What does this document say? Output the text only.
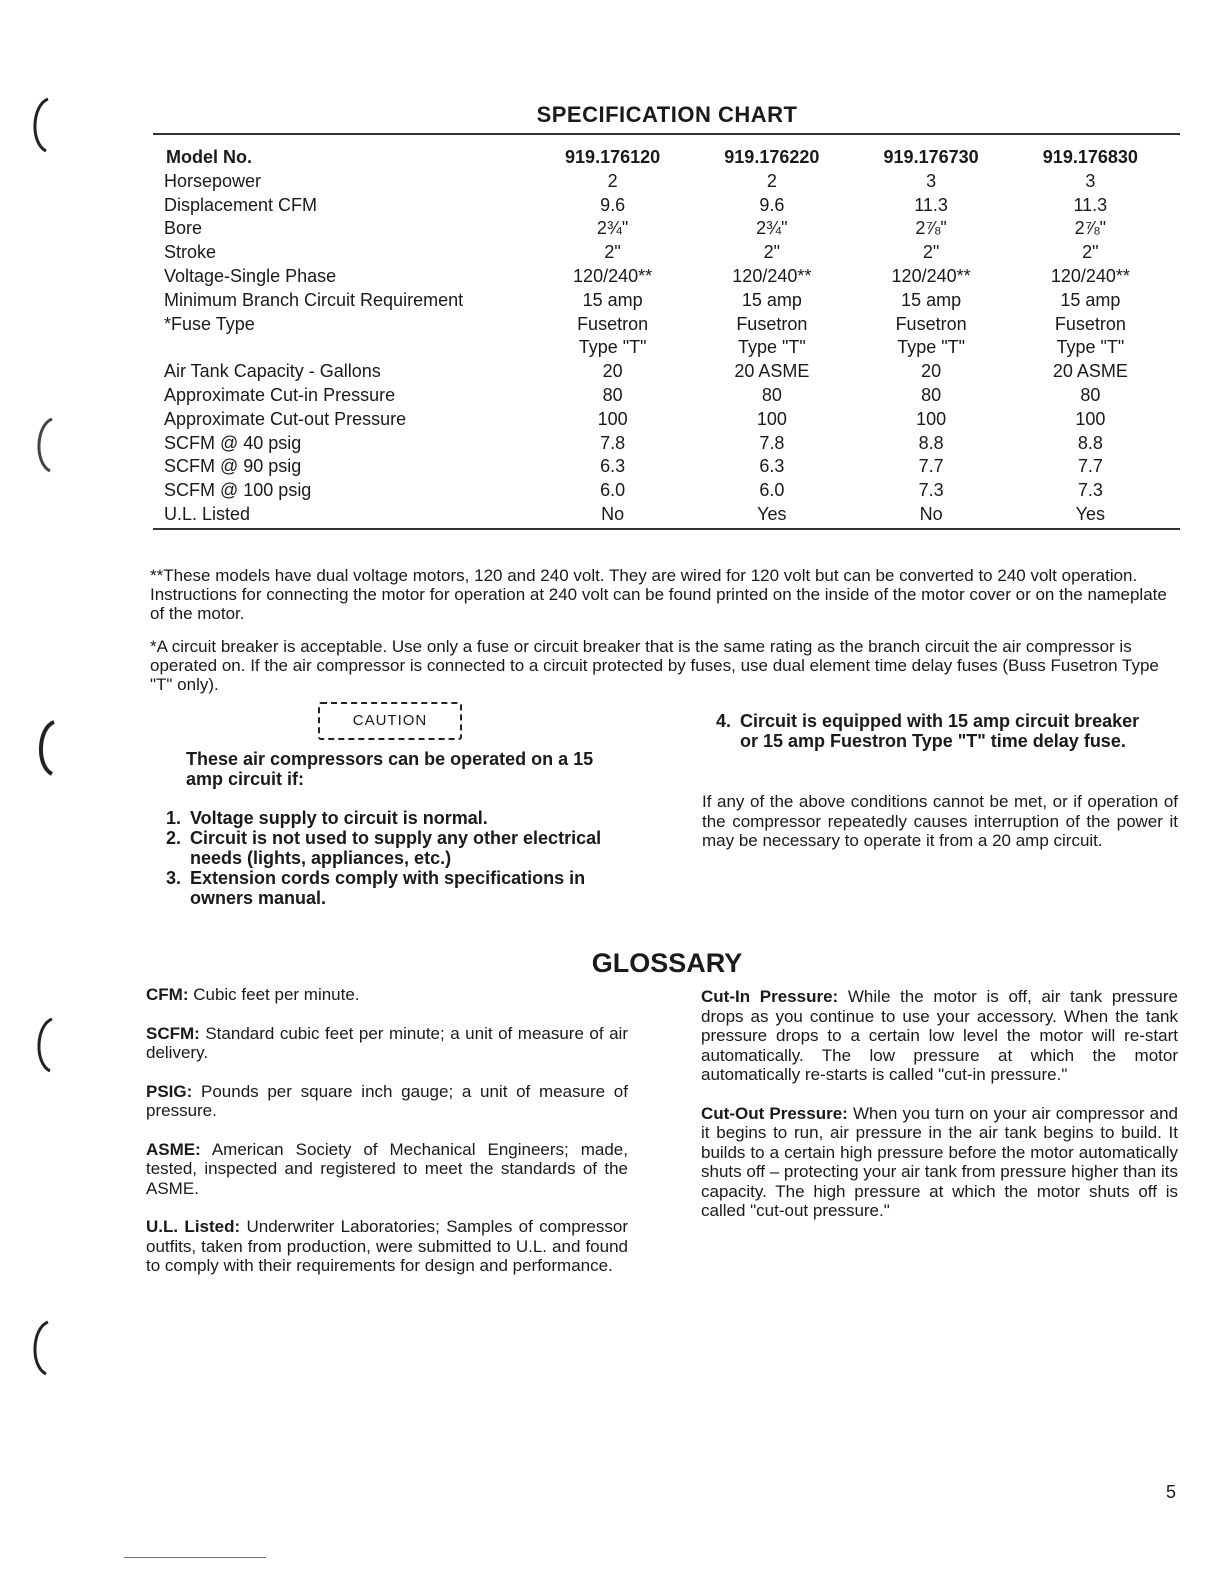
SPECIFICATION CHART
Model No.	919.176120	919.176220	919.176730	919.176830
Horsepower	2	2	3	3
Displacement CFM	9.6	9.6	11.3	11.3
Bore	2¾"	2¾"	2⅞"	2⅞"
Stroke	2"	2"	2"	2"
Voltage-Single Phase	120/240**	120/240**	120/240**	120/240**
Minimum Branch Circuit Requirement	15 amp	15 amp	15 amp	15 amp
*Fuse Type	Fusetron	Fusetron	Fusetron	Fusetron
	Type "T"	Type "T"	Type "T"	Type "T"
Air Tank Capacity - Gallons	20	20 ASME	20	20 ASME
Approximate Cut-in Pressure	80	80	80	80
Approximate Cut-out Pressure	100	100	100	100
SCFM @ 40 psig	7.8	7.8	8.8	8.8
SCFM @ 90 psig	6.3	6.3	7.7	7.7
SCFM @ 100 psig	6.0	6.0	7.3	7.3
U.L. Listed	No	Yes	No	Yes
**These models have dual voltage motors, 120 and 240 volt. They are wired for 120 volt but can be converted to 240 volt operation. Instructions for connecting the motor for operation at 240 volt can be found printed on the inside of the motor cover or on the nameplate of the motor.
*A circuit breaker is acceptable. Use only a fuse or circuit breaker that is the same rating as the branch circuit the air compressor is operated on. If the air compressor is connected to a circuit protected by fuses, use dual element time delay fuses (Buss Fusetron Type "T" only).
CAUTION
These air compressors can be operated on a 15 amp circuit if:
1. Voltage supply to circuit is normal.
2. Circuit is not used to supply any other electrical needs (lights, appliances, etc.)
3. Extension cords comply with specifications in owners manual.
4. Circuit is equipped with 15 amp circuit breaker or 15 amp Fuestron Type "T" time delay fuse.
If any of the above conditions cannot be met, or if operation of the compressor repeatedly causes interruption of the power it may be necessary to operate it from a 20 amp circuit.
GLOSSARY
CFM: Cubic feet per minute.
SCFM: Standard cubic feet per minute; a unit of measure of air delivery.
PSIG: Pounds per square inch gauge; a unit of measure of pressure.
ASME: American Society of Mechanical Engineers; made, tested, inspected and registered to meet the standards of the ASME.
U.L. Listed: Underwriter Laboratories; Samples of compressor outfits, taken from production, were submitted to U.L. and found to comply with their requirements for design and performance.
Cut-In Pressure: While the motor is off, air tank pressure drops as you continue to use your accessory. When the tank pressure drops to a certain low level the motor will re-start automatically. The low pressure at which the motor automatically re-starts is called "cut-in pressure."
Cut-Out Pressure: When you turn on your air compressor and it begins to run, air pressure in the air tank begins to build. It builds to a certain high pressure before the motor automatically shuts off – protecting your air tank from pressure higher than its capacity. The high pressure at which the motor shuts off is called "cut-out pressure."
5
